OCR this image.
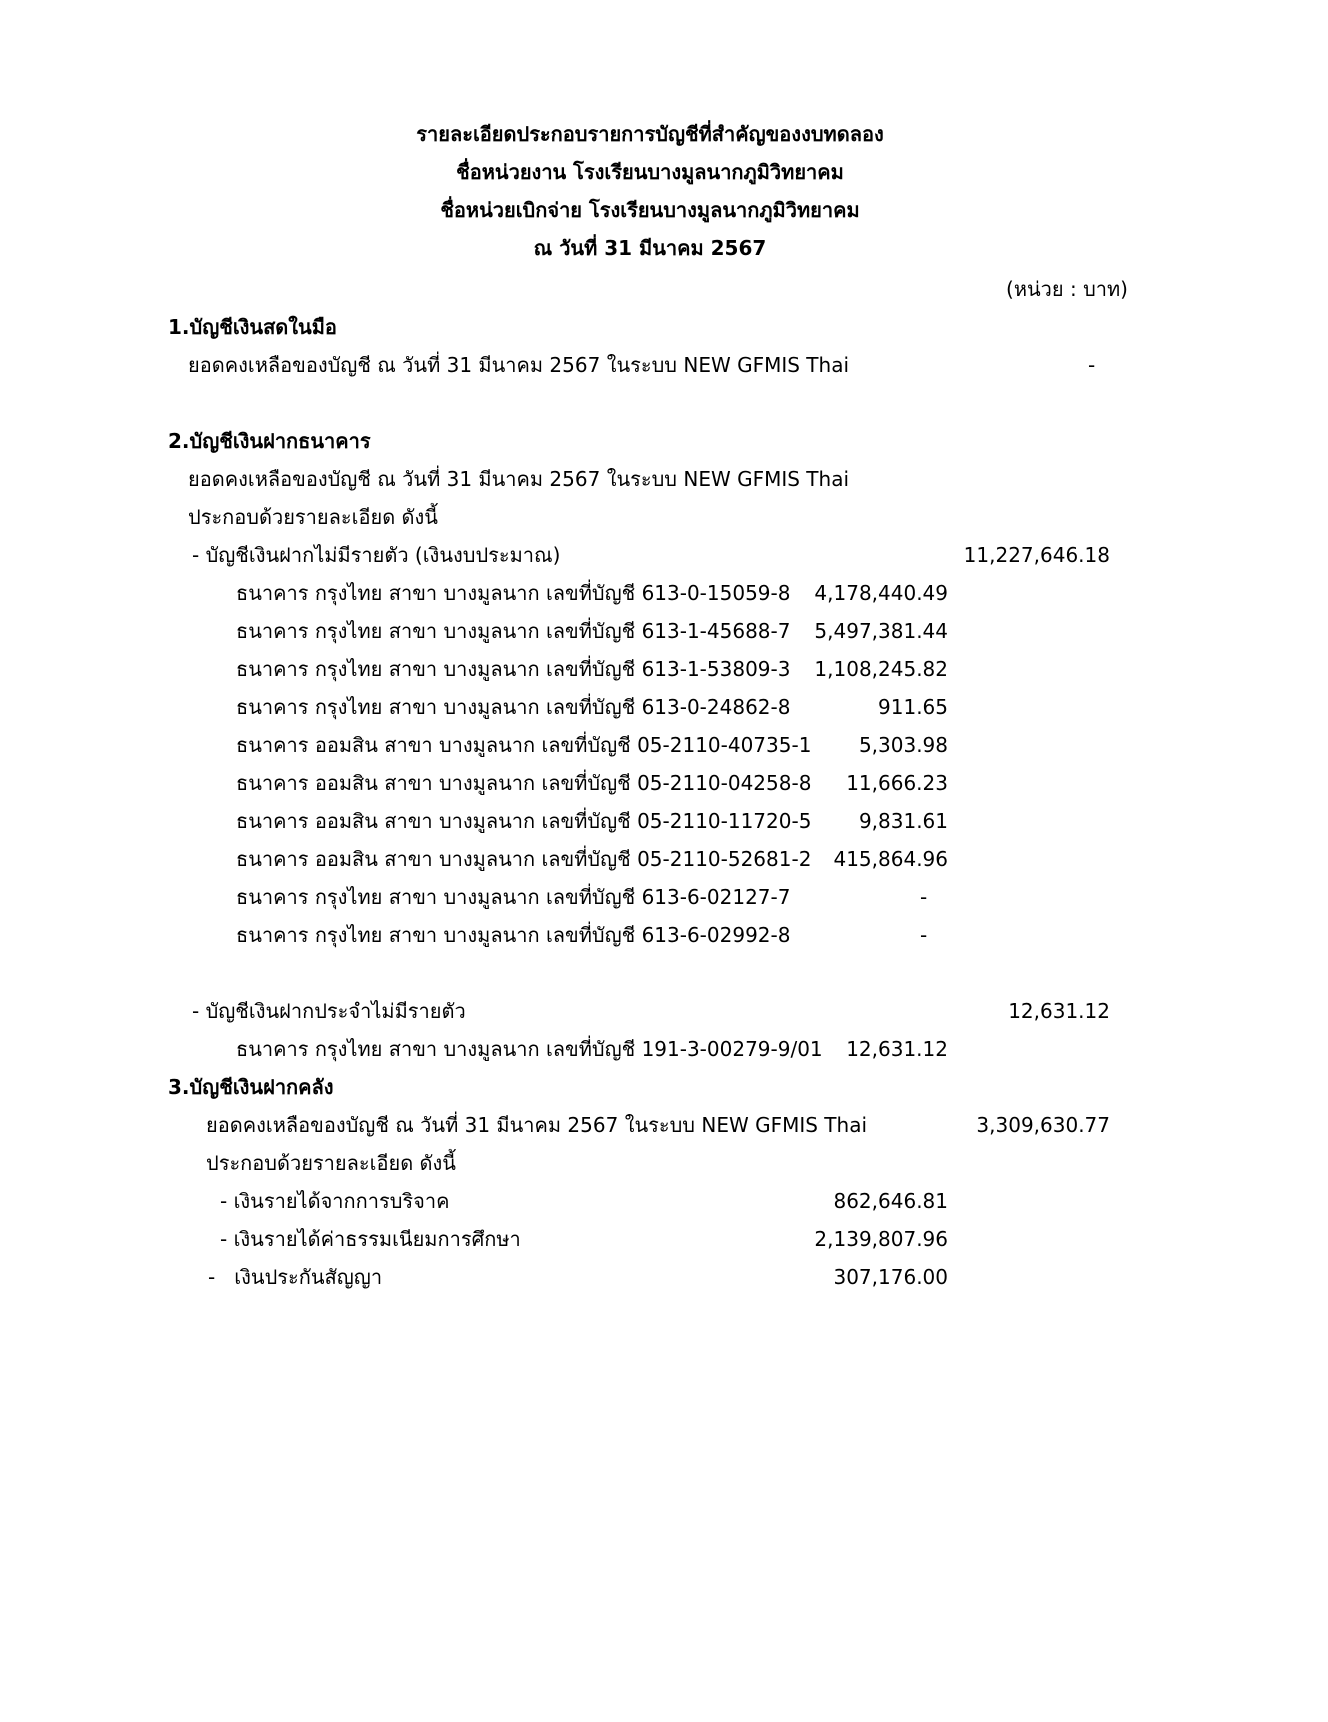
รายละเอียดประกอบรายการบัญชีที่สำคัญของงบทดลอง
ชื่อหน่วยงาน โรงเรียนบางมูลนากภูมิวิทยาคม
ชื่อหน่วยเบิกจ่าย โรงเรียนบางมูลนากภูมิวิทยาคม
ณ วันที่ 31 มีนาคม 2567
(หน่วย : บาท)
1.บัญชีเงินสดในมือ
ยอดคงเหลือของบัญชี ณ วันที่ 31 มีนาคม 2567 ในระบบ NEW GFMIS Thai	-
2.บัญชีเงินฝากธนาคาร
ยอดคงเหลือของบัญชี ณ วันที่ 31 มีนาคม 2567 ในระบบ NEW GFMIS Thai
ประกอบด้วยรายละเอียด ดังนี้
- บัญชีเงินฝากไม่มีรายตัว (เงินงบประมาณ)	11,227,646.18
ธนาคาร กรุงไทย สาขา บางมูลนาก เลขที่บัญชี 613-0-15059-8 4,178,440.49
ธนาคาร กรุงไทย สาขา บางมูลนาก เลขที่บัญชี 613-1-45688-7 5,497,381.44
ธนาคาร กรุงไทย สาขา บางมูลนาก เลขที่บัญชี 613-1-53809-3 1,108,245.82
ธนาคาร กรุงไทย สาขา บางมูลนาก เลขที่บัญชี 613-0-24862-8	911.65
ธนาคาร ออมสิน สาขา บางมูลนาก เลขที่บัญชี 05-2110-40735-1 5,303.98
ธนาคาร ออมสิน สาขา บางมูลนาก เลขที่บัญชี 05-2110-04258-8 11,666.23
ธนาคาร ออมสิน สาขา บางมูลนาก เลขที่บัญชี 05-2110-11720-5 9,831.61
ธนาคาร ออมสิน สาขา บางมูลนาก เลขที่บัญชี 05-2110-52681-2 415,864.96
ธนาคาร กรุงไทย สาขา บางมูลนาก เลขที่บัญชี 613-6-02127-7	-
ธนาคาร กรุงไทย สาขา บางมูลนาก เลขที่บัญชี 613-6-02992-8	-
- บัญชีเงินฝากประจำไม่มีรายตัว	12,631.12
ธนาคาร กรุงไทย สาขา บางมูลนาก เลขที่บัญชี 191-3-00279-9/01 12,631.12
3.บัญชีเงินฝากคลัง
ยอดคงเหลือของบัญชี ณ วันที่ 31 มีนาคม 2567 ในระบบ NEW GFMIS Thai	3,309,630.77
ประกอบด้วยรายละเอียด ดังนี้
- เงินรายได้จากการบริจาค	862,646.81
- เงินรายได้ค่าธรรมเนียมการศึกษา	2,139,807.96
-   เงินประกันสัญญา	307,176.00
